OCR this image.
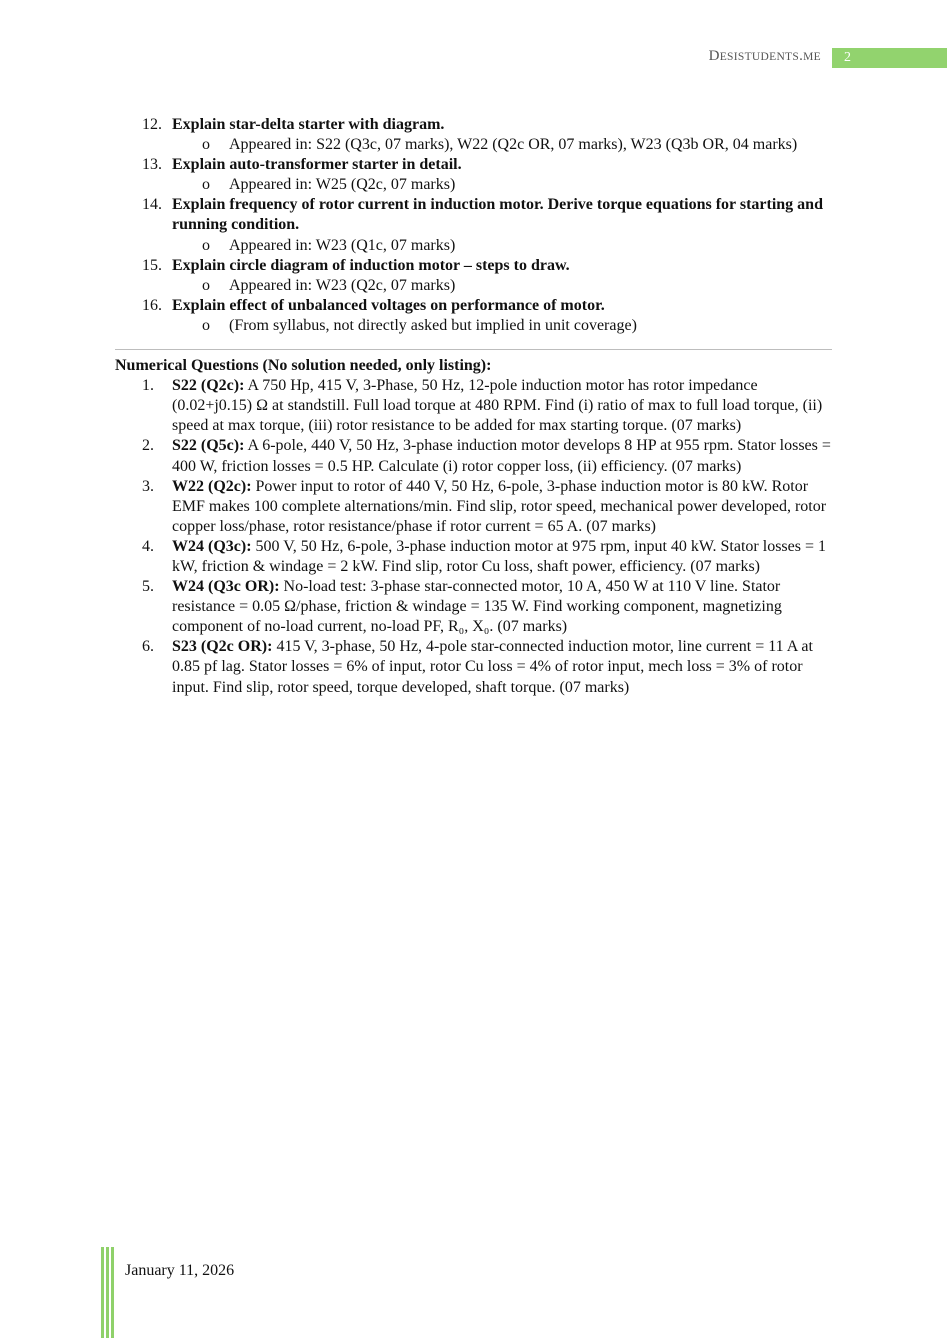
DESISTUDENTS.ME	2
12. Explain star-delta starter with diagram.
o Appeared in: S22 (Q3c, 07 marks), W22 (Q2c OR, 07 marks), W23 (Q3b OR, 04 marks)
13. Explain auto-transformer starter in detail.
o Appeared in: W25 (Q2c, 07 marks)
14. Explain frequency of rotor current in induction motor. Derive torque equations for starting and running condition.
o Appeared in: W23 (Q1c, 07 marks)
15. Explain circle diagram of induction motor – steps to draw.
o Appeared in: W23 (Q2c, 07 marks)
16. Explain effect of unbalanced voltages on performance of motor.
o (From syllabus, not directly asked but implied in unit coverage)
Numerical Questions (No solution needed, only listing):
1. S22 (Q2c): A 750 Hp, 415 V, 3-Phase, 50 Hz, 12-pole induction motor has rotor impedance (0.02+j0.15) Ω at standstill. Full load torque at 480 RPM. Find (i) ratio of max to full load torque, (ii) speed at max torque, (iii) rotor resistance to be added for max starting torque. (07 marks)
2. S22 (Q5c): A 6-pole, 440 V, 50 Hz, 3-phase induction motor develops 8 HP at 955 rpm. Stator losses = 400 W, friction losses = 0.5 HP. Calculate (i) rotor copper loss, (ii) efficiency. (07 marks)
3. W22 (Q2c): Power input to rotor of 440 V, 50 Hz, 6-pole, 3-phase induction motor is 80 kW. Rotor EMF makes 100 complete alternations/min. Find slip, rotor speed, mechanical power developed, rotor copper loss/phase, rotor resistance/phase if rotor current = 65 A. (07 marks)
4. W24 (Q3c): 500 V, 50 Hz, 6-pole, 3-phase induction motor at 975 rpm, input 40 kW. Stator losses = 1 kW, friction & windage = 2 kW. Find slip, rotor Cu loss, shaft power, efficiency. (07 marks)
5. W24 (Q3c OR): No-load test: 3-phase star-connected motor, 10 A, 450 W at 110 V line. Stator resistance = 0.05 Ω/phase, friction & windage = 135 W. Find working component, magnetizing component of no-load current, no-load PF, R₀, X₀. (07 marks)
6. S23 (Q2c OR): 415 V, 3-phase, 50 Hz, 4-pole star-connected induction motor, line current = 11 A at 0.85 pf lag. Stator losses = 6% of input, rotor Cu loss = 4% of rotor input, mech loss = 3% of rotor input. Find slip, rotor speed, torque developed, shaft torque. (07 marks)
January 11, 2026
